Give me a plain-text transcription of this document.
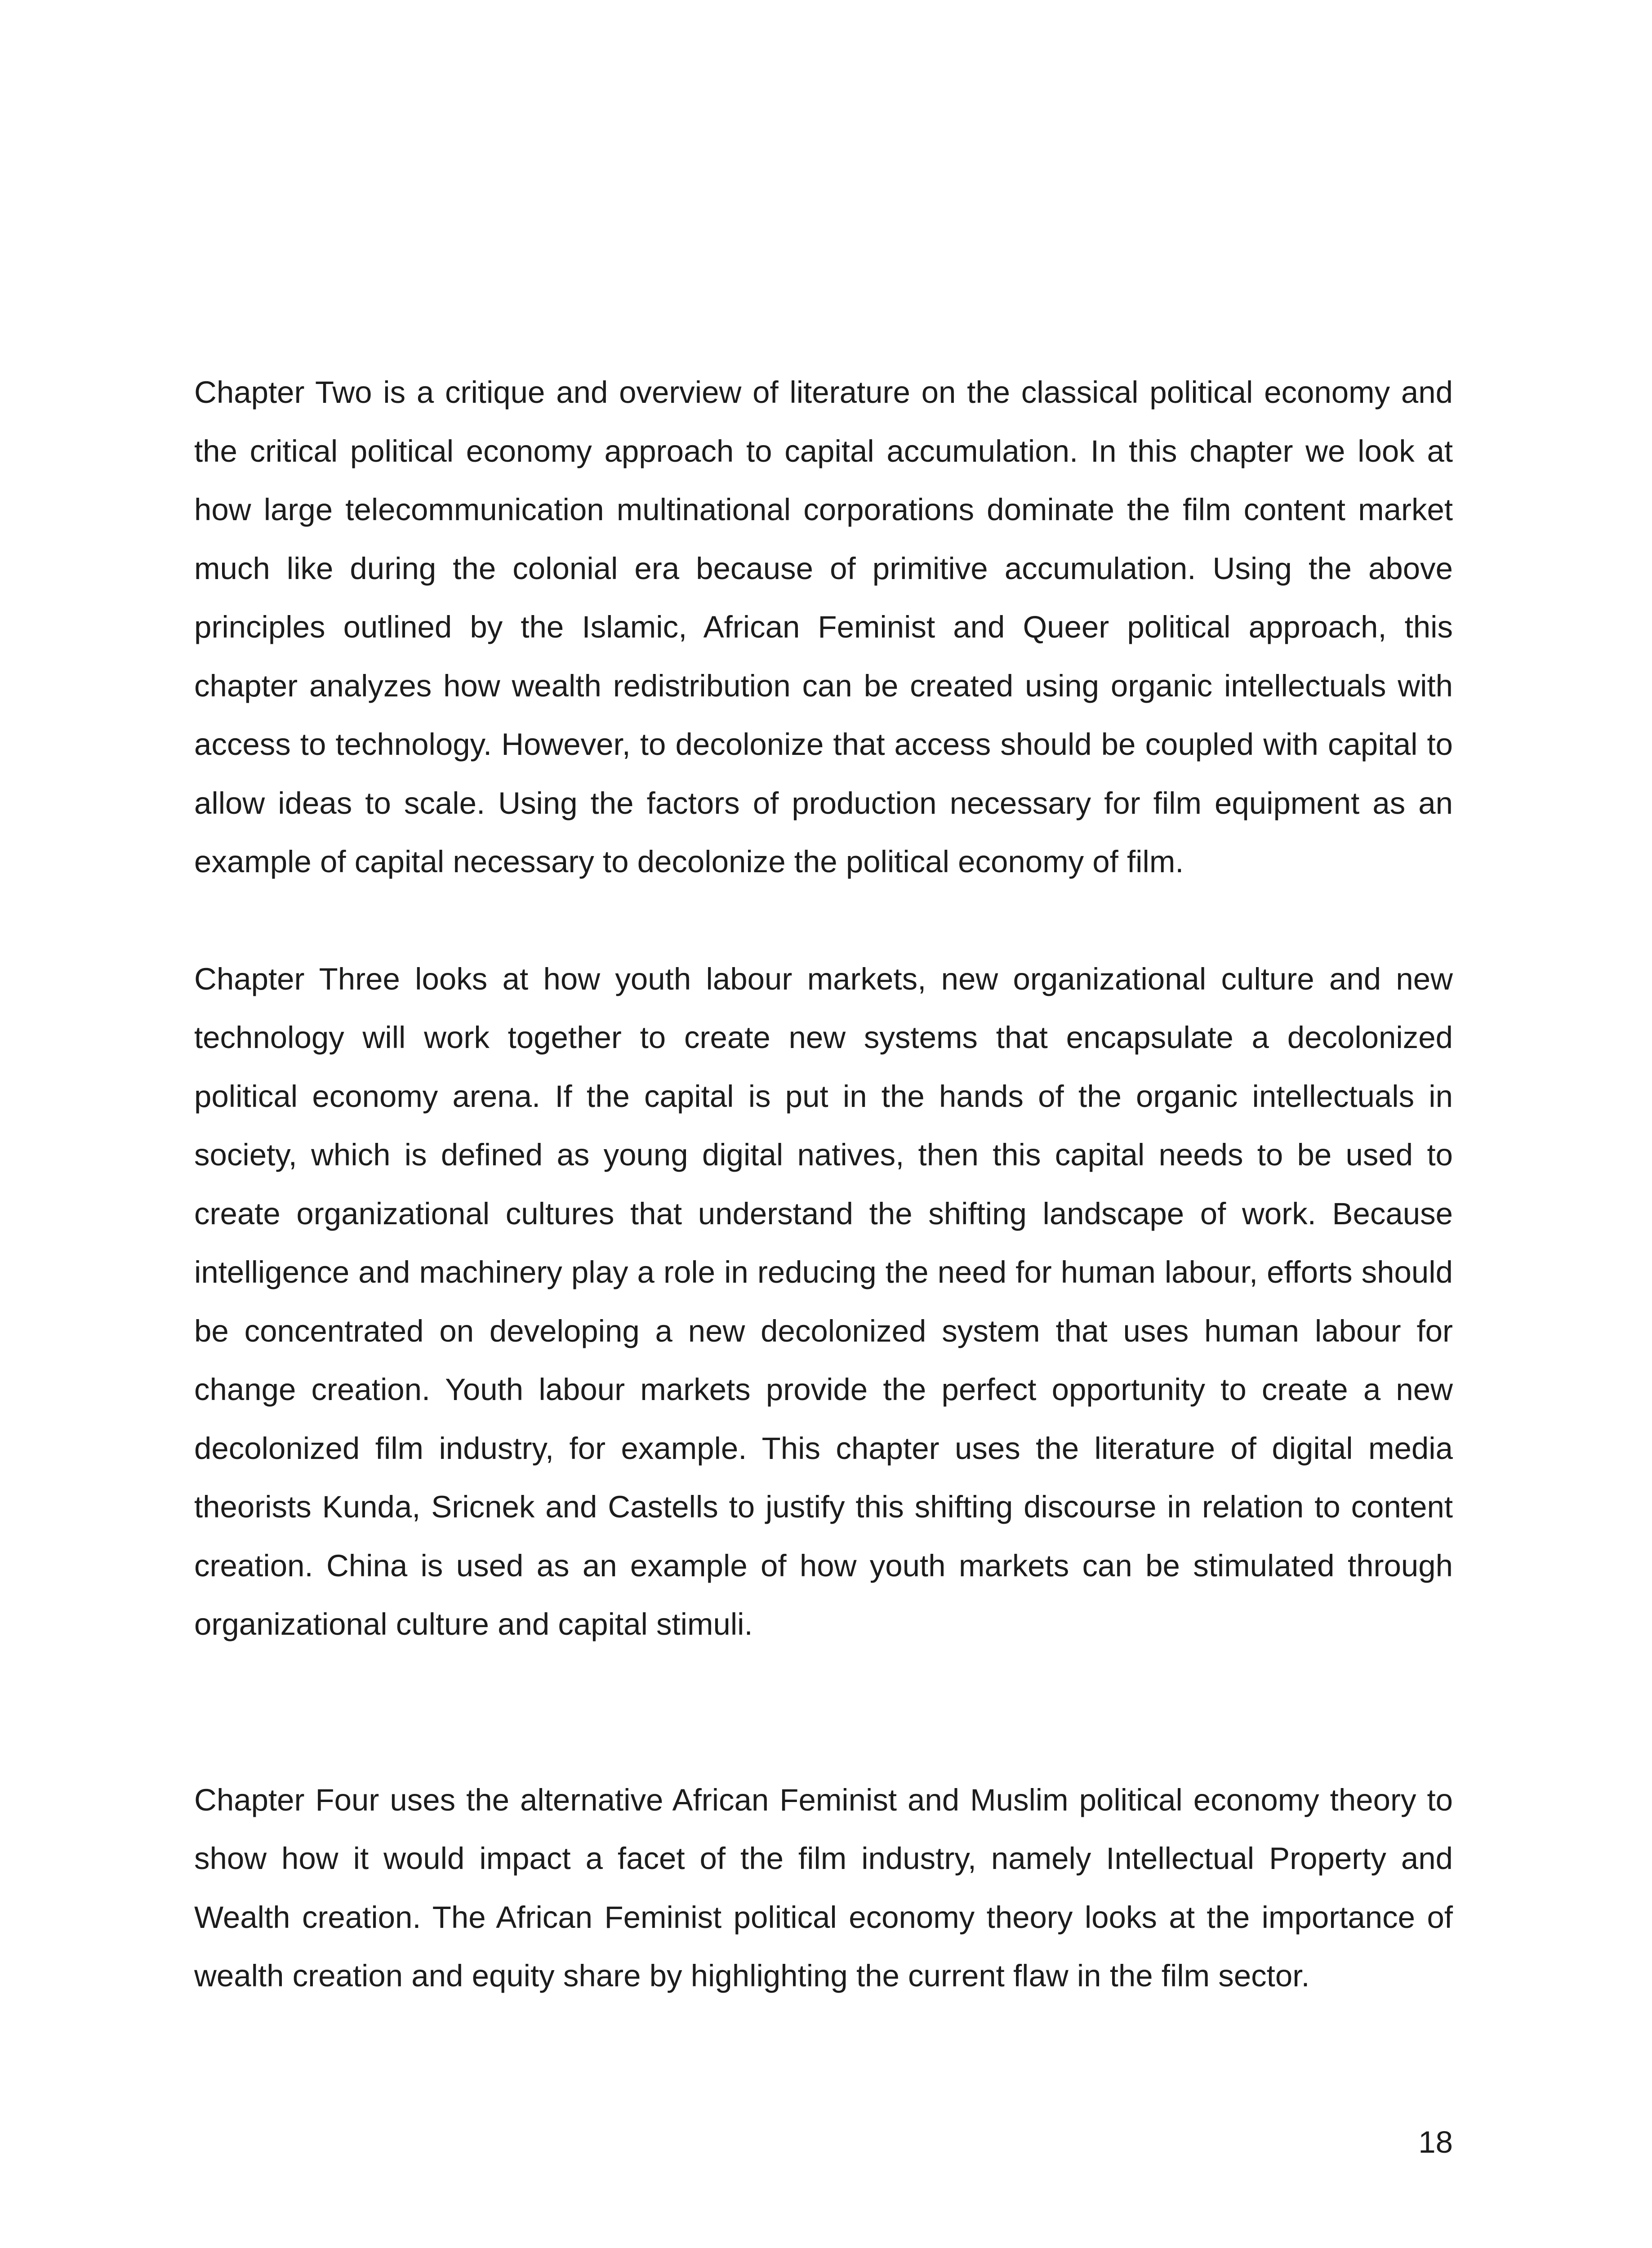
Chapter Two is a critique and overview of literature on the classical political economy and the critical political economy approach to capital accumulation. In this chapter we look at how large telecommunication multinational corporations dominate the film content market much like during the colonial era because of primitive accumulation. Using the above principles outlined by the Islamic, African Feminist and Queer political approach, this chapter analyzes how wealth redistribution can be created using organic intellectuals with access to technology. However, to decolonize that access should be coupled with capital to allow ideas to scale. Using the factors of production necessary for film equipment as an example of capital necessary to decolonize the political economy of film.

Chapter Three looks at how youth labour markets, new organizational culture and new technology will work together to create new systems that encapsulate a decolonized political economy arena. If the capital is put in the hands of the organic intellectuals in society, which is defined as young digital natives, then this capital needs to be used to create organizational cultures that understand the shifting landscape of work. Because intelligence and machinery play a role in reducing the need for human labour, efforts should be concentrated on developing a new decolonized system that uses human labour for change creation. Youth labour markets provide the perfect opportunity to create a new decolonized film industry, for example. This chapter uses the literature of digital media theorists Kunda, Sricnek and Castells to justify this shifting discourse in relation to content creation. China is used as an example of how youth markets can be stimulated through organizational culture and capital stimuli.

Chapter Four uses the alternative African Feminist and Muslim political economy theory to show how it would impact a facet of the film industry, namely Intellectual Property and Wealth creation. The African Feminist political economy theory looks at the importance of wealth creation and equity share by highlighting the current flaw in the film sector.

18
